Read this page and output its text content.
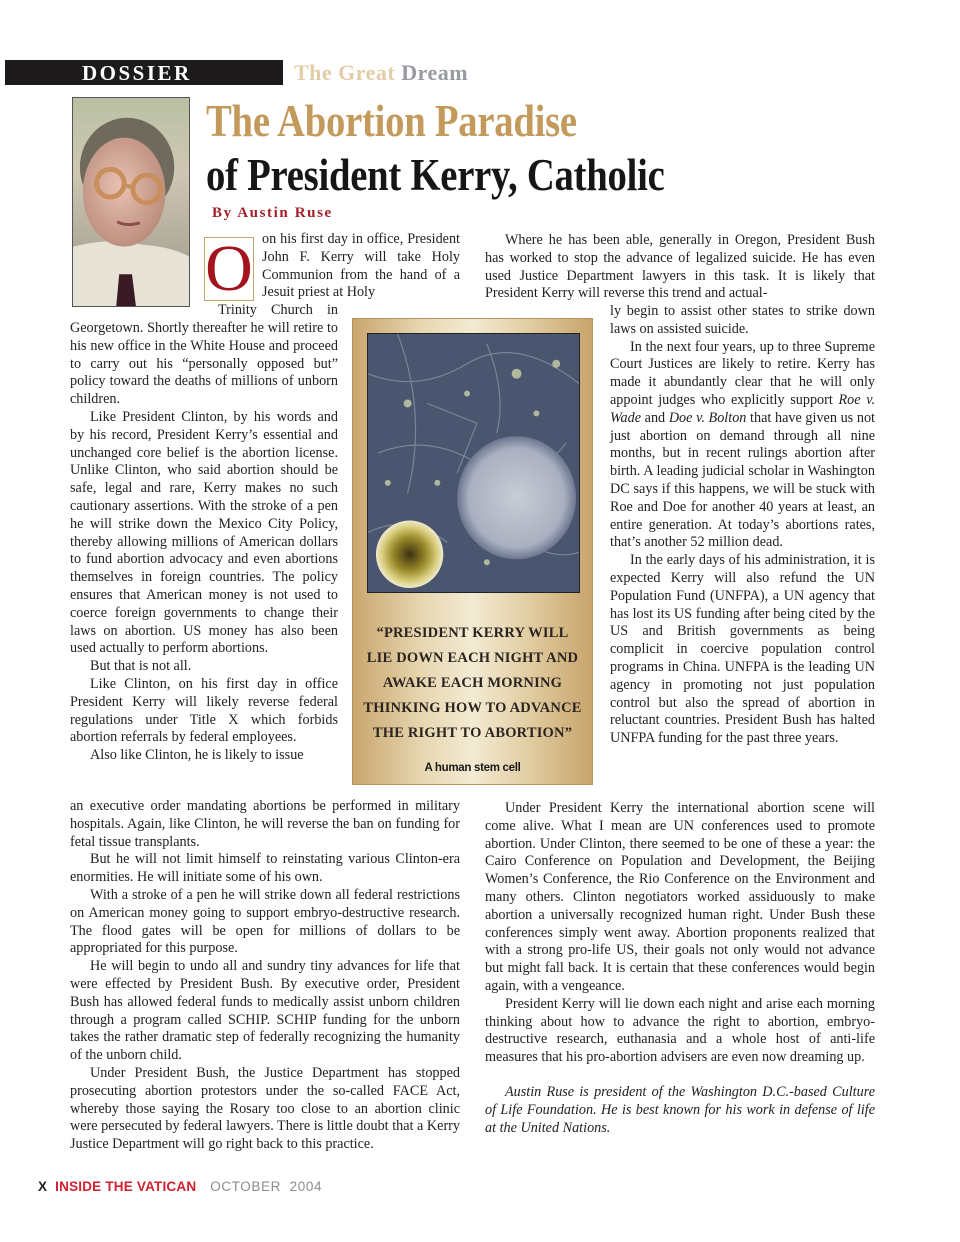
DOSSIER	The Great Dream
The Abortion Paradise
of President Kerry, Catholic
By Austin Ruse
O on his first day in office, President John F. Kerry will take Holy Communion from the hand of a Jesuit priest at Holy

Trinity Church in

Georgetown. Shortly thereafter he will retire to his new office in the White House and proceed to carry out his “personally opposed but” policy toward the deaths of millions of unborn children.

Like President Clinton, by his words and by his record, President Kerry’s essential and unchanged core belief is the abortion license. Unlike Clinton, who said abortion should be safe, legal and rare, Kerry makes no such cautionary assertions. With the stroke of a pen he will strike down the Mexico City Policy, thereby allowing millions of American dollars to fund abortion advocacy and even abortions themselves in foreign countries. The policy ensures that American money is not used to coerce foreign governments to change their laws on abortion. US money has also been used actually to perform abortions.

But that is not all.

Like Clinton, on his first day in office President Kerry will likely reverse federal regulations under Title X which forbids abortion referrals by federal employees.

Also like Clinton, he is likely to issue

an executive order mandating abortions be performed in military hospitals. Again, like Clinton, he will reverse the ban on funding for fetal tissue transplants.

But he will not limit himself to reinstating various Clinton-era enormities. He will initiate some of his own.

With a stroke of a pen he will strike down all federal restrictions on American money going to support embryo-destructive research. The flood gates will be open for millions of dollars to be appropriated for this purpose.

He will begin to undo all and sundry tiny advances for life that were effected by President Bush. By executive order, President Bush has allowed federal funds to medically assist unborn children through a program called SCHIP. SCHIP funding for the unborn takes the rather dramatic step of federally recognizing the humanity of the unborn child.

Under President Bush, the Justice Department has stopped prosecuting abortion protestors under the so-called FACE Act, whereby those saying the Rosary too close to an abortion clinic were persecuted by federal lawyers. There is little doubt that a Kerry Justice Department will go right back to this practice.

“PRESIDENT KERRY WILL
LIE DOWN EACH NIGHT AND
AWAKE EACH MORNING
THINKING HOW TO ADVANCE
THE RIGHT TO ABORTION”
A human stem cell

Where he has been able, generally in Oregon, President Bush has worked to stop the advance of legalized suicide. He has even used Justice Department lawyers in this task. It is likely that President Kerry will reverse this trend and actual-

ly begin to assist other states to strike down laws on assisted suicide.

In the next four years, up to three Supreme Court Justices are likely to retire. Kerry has made it abundantly clear that he will only appoint judges who explicitly support Roe v. Wade and Doe v. Bolton that have given us not just abortion on demand through all nine months, but in recent rulings abortion after birth. A leading judicial scholar in Washington DC says if this happens, we will be stuck with Roe and Doe for another 40 years at least, an entire generation. At today’s abortions rates, that’s another 52 million dead.

In the early days of his administration, it is expected Kerry will also refund the UN Population Fund (UNFPA), a UN agency that has lost its US funding after being cited by the US and British governments as being complicit in coercive population control programs in China. UNFPA is the leading UN agency in promoting not just population control but also the spread of abortion in reluctant countries. President Bush has halted UNFPA funding for the past three years.

Under President Kerry the international abortion scene will come alive. What I mean are UN conferences used to promote abortion. Under Clinton, there seemed to be one of these a year: the Cairo Conference on Population and Development, the Beijing Women’s Conference, the Rio Conference on the Environment and many others. Clinton negotiators worked assiduously to make abortion a universally recognized human right. Under Bush these conferences simply went away. Abortion proponents realized that with a strong pro-life US, their goals not only would not advance but might fall back. It is certain that these conferences would begin again, with a vengeance.

President Kerry will lie down each night and arise each morning thinking about how to advance the right to abortion, embryo-destructive research, euthanasia and a whole host of anti-life measures that his pro-abortion advisers are even now dreaming up.

Austin Ruse is president of the Washington D.C.-based Culture of Life Foundation. He is best known for his work in defense of life at the United Nations.

X INSIDE THE VATICAN OCTOBER  2004
